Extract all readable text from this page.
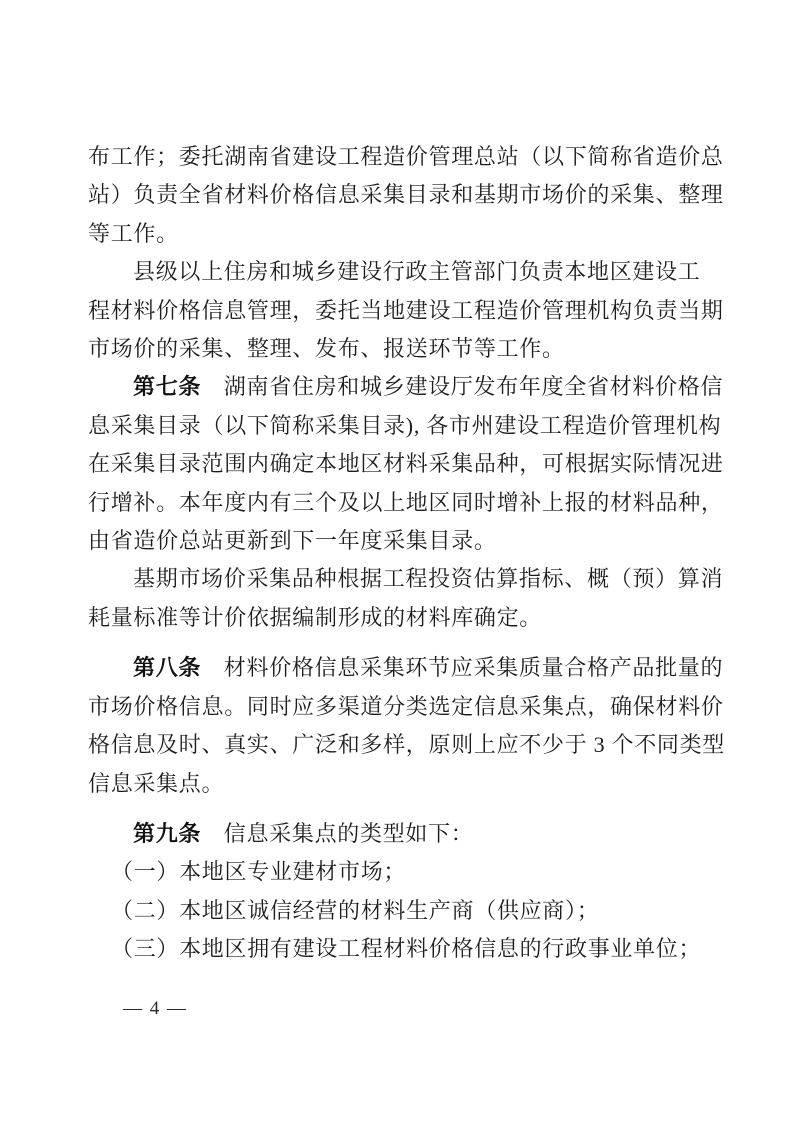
布工作；委托湖南省建设工程造价管理总站（以下简称省造价总
站）负责全省材料价格信息采集目录和基期市场价的采集、整理
等工作。
县级以上住房和城乡建设行政主管部门负责本地区建设工
程材料价格信息管理，委托当地建设工程造价管理机构负责当期
市场价的采集、整理、发布、报送环节等工作。
第七条　湖南省住房和城乡建设厅发布年度全省材料价格信
息采集目录（以下简称采集目录), 各市州建设工程造价管理机构
在采集目录范围内确定本地区材料采集品种，可根据实际情况进
行增补。本年度内有三个及以上地区同时增补上报的材料品种，
由省造价总站更新到下一年度采集目录。
基期市场价采集品种根据工程投资估算指标、概（预）算消
耗量标准等计价依据编制形成的材料库确定。
第八条　材料价格信息采集环节应采集质量合格产品批量的
市场价格信息。同时应多渠道分类选定信息采集点，确保材料价
格信息及时、真实、广泛和多样，原则上应不少于 3 个不同类型
信息采集点。
第九条　信息采集点的类型如下：
（一）本地区专业建材市场；
（二）本地区诚信经营的材料生产商（供应商）；
（三）本地区拥有建设工程材料价格信息的行政事业单位；
— 4 —
